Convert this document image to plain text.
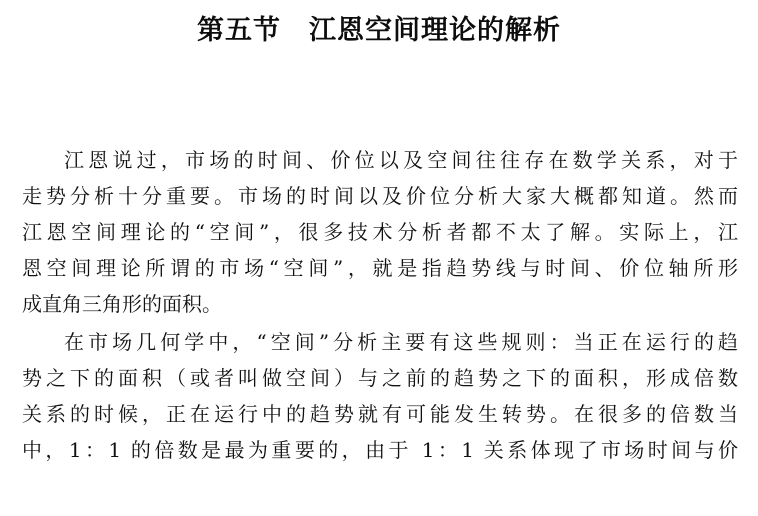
第五节　江恩空间理论的解析
江恩说过，市场的时间、价位以及空间往往存在数学关系，对于
走势分析十分重要。市场的时间以及价位分析大家大概都知道。然而
江恩空间理论的“空间”，很多技术分析者都不太了解。实际上，江
恩空间理论所谓的市场“空间”，就是指趋势线与时间、价位轴所形
成直角三角形的面积。
在市场几何学中，“空间”分析主要有这些规则：当正在运行的趋
势之下的面积（或者叫做空间）与之前的趋势之下的面积，形成倍数
关系的时候，正在运行中的趋势就有可能发生转势。在很多的倍数当
中，1：1 的倍数是最为重要的，由于 1：1 关系体现了市场时间与价
